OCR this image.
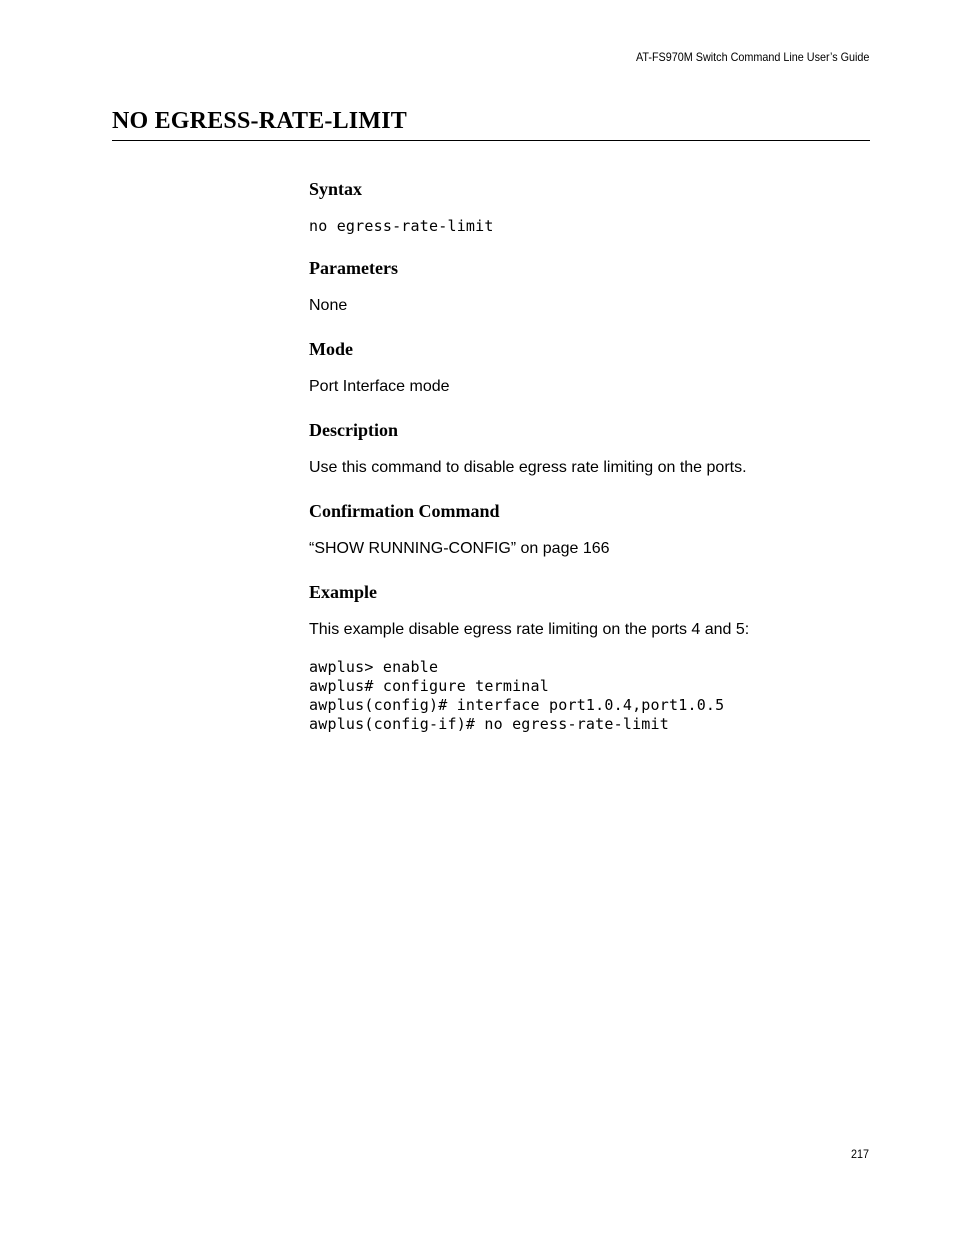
AT-FS970M Switch Command Line User’s Guide
NO EGRESS-RATE-LIMIT
Syntax
no egress-rate-limit
Parameters

None

Mode

Port Interface mode

Description

Use this command to disable egress rate limiting on the ports.

Confirmation Command

“SHOW RUNNING-CONFIG” on page 166

Example

This example disable egress rate limiting on the ports 4 and 5:

awplus> enable
awplus# configure terminal
awplus(config)# interface port1.0.4,port1.0.5
awplus(config-if)# no egress-rate-limit
217
